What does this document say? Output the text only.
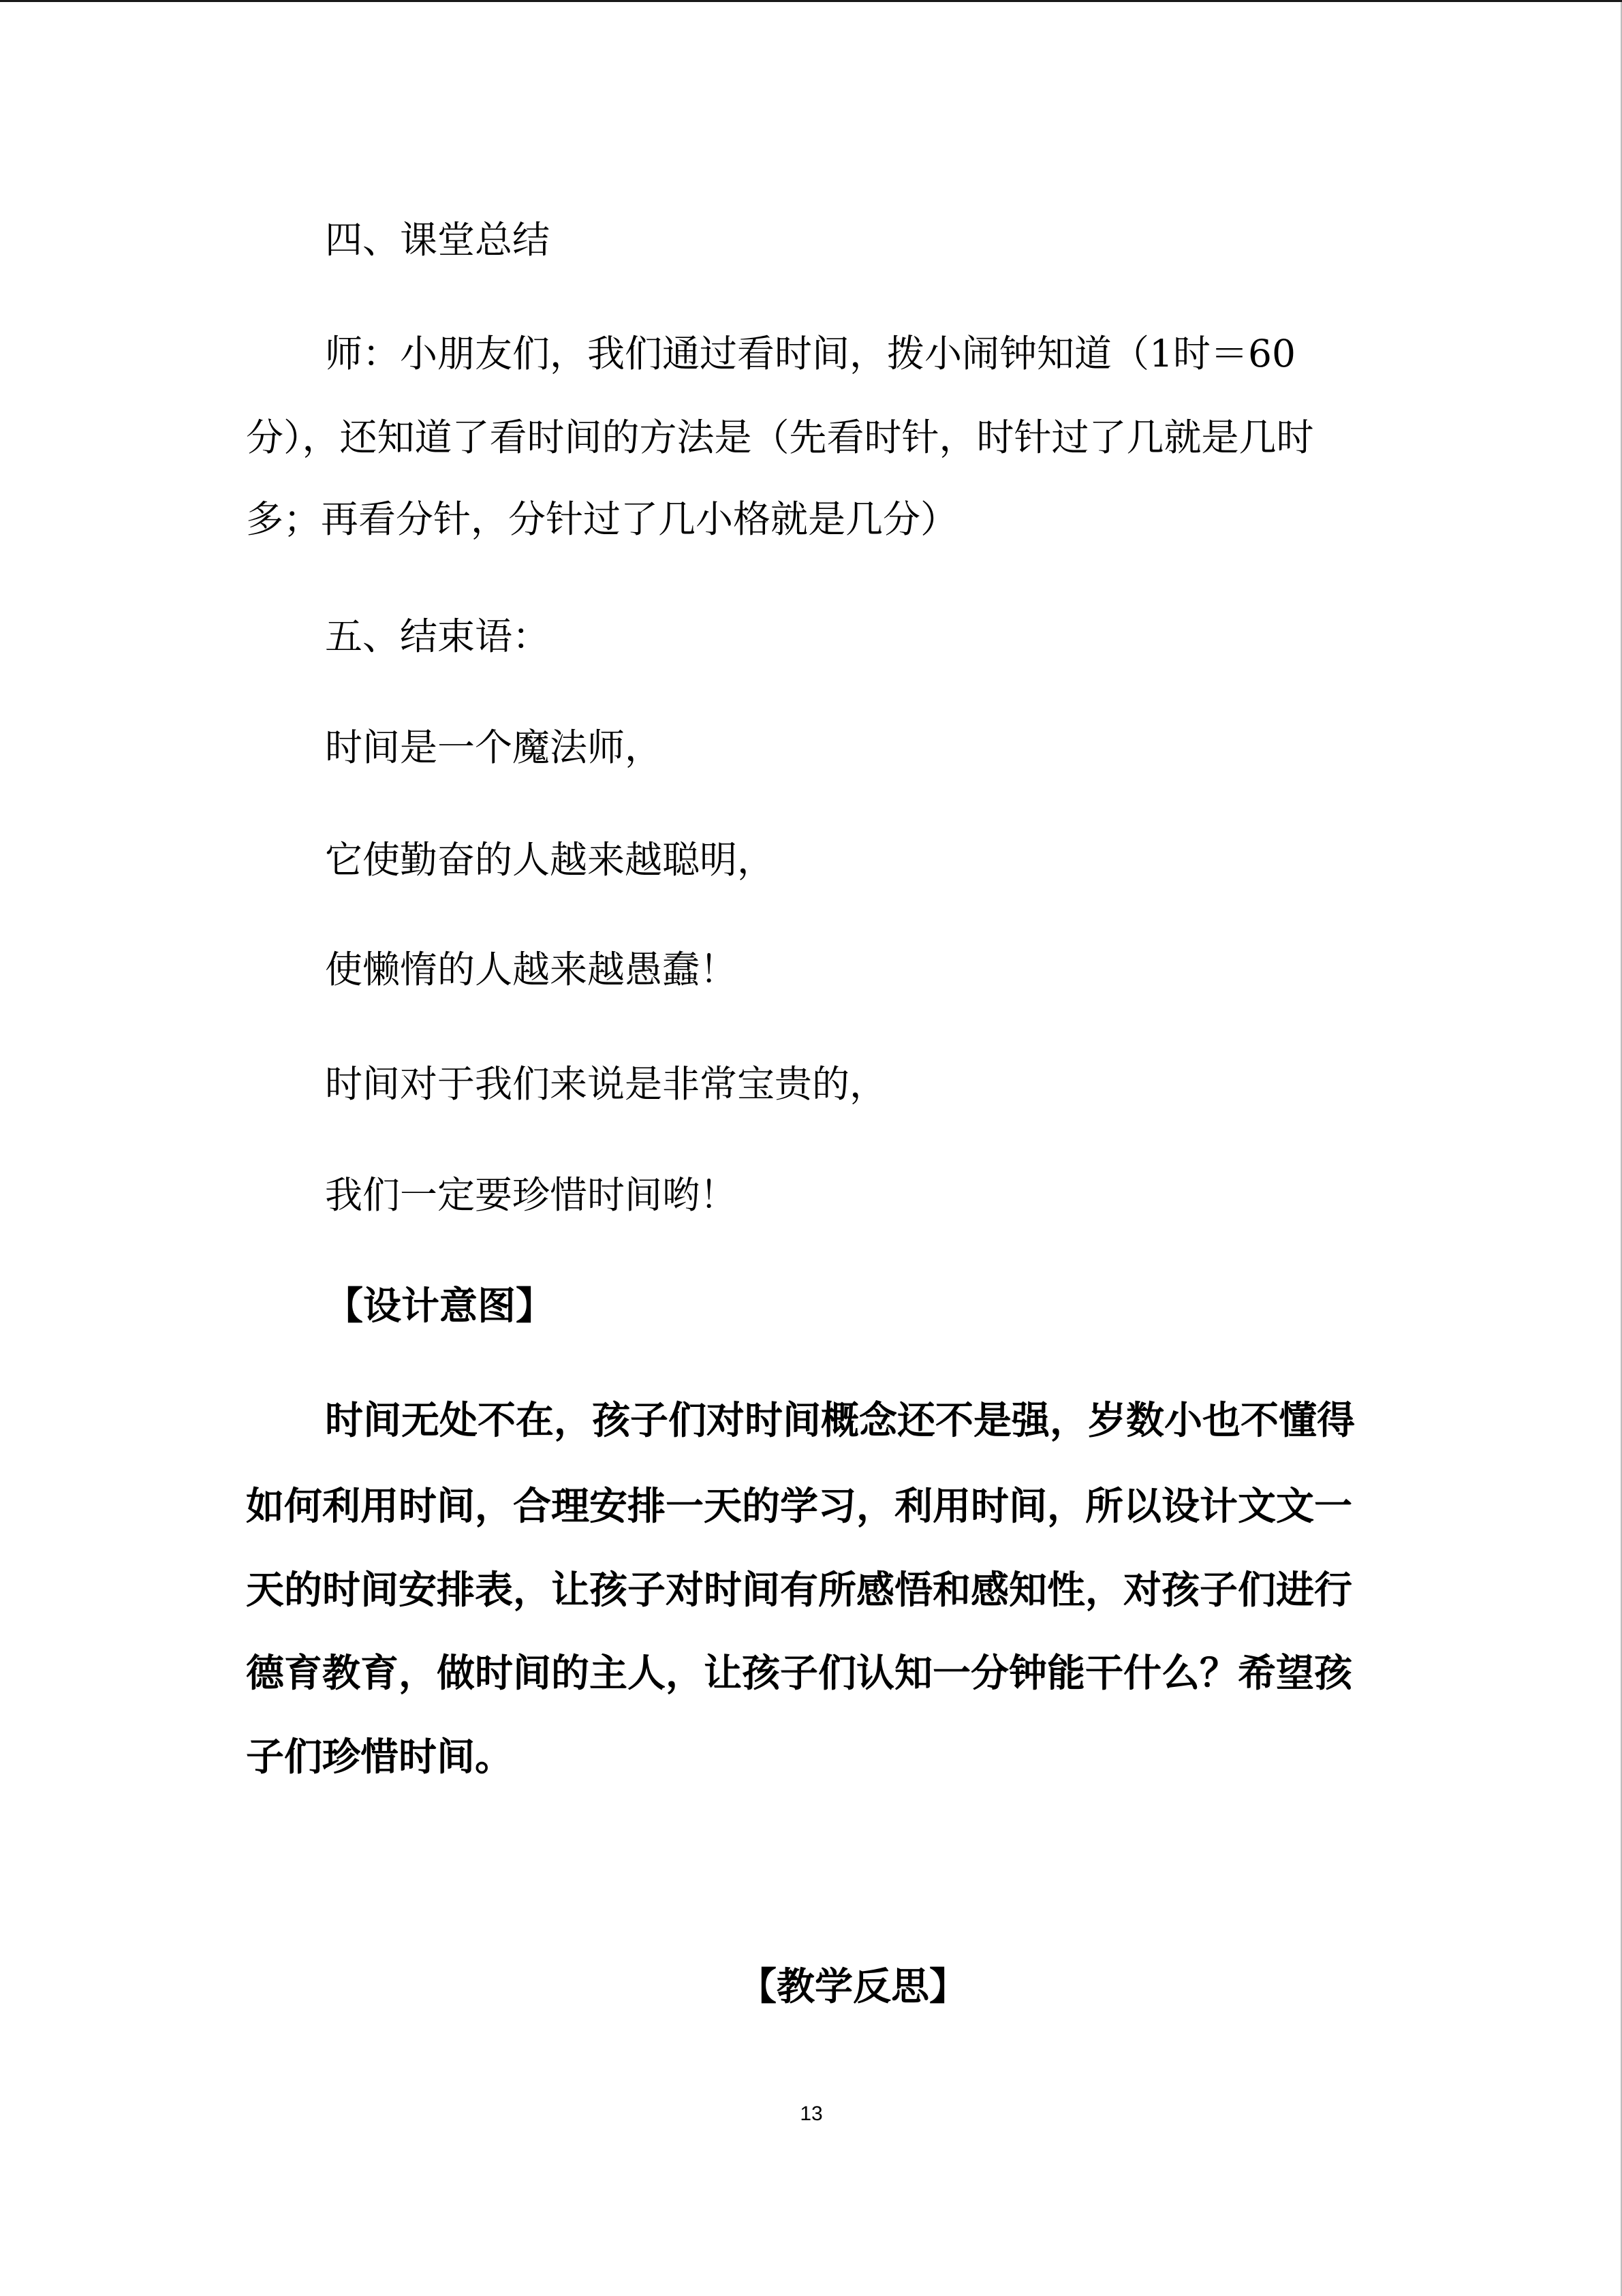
四、课堂总结
师：小朋友们，我们通过看时间，拨小闹钟知道（1时＝60
分），还知道了看时间的方法是（先看时针，时针过了几就是几时
多；再看分针，分针过了几小格就是几分）
五、结束语：
时间是一个魔法师，
它使勤奋的人越来越聪明，
使懒惰的人越来越愚蠢！
时间对于我们来说是非常宝贵的，
我们一定要珍惜时间哟！
【设计意图】
时间无处不在，孩子们对时间概念还不是强，岁数小也不懂得
如何利用时间，合理安排一天的学习，利用时间，所以设计文文一
天的时间安排表，让孩子对时间有所感悟和感知性，对孩子们进行
德育教育，做时间的主人，让孩子们认知一分钟能干什么？希望孩
子们珍惜时间。
【教学反思】
13
